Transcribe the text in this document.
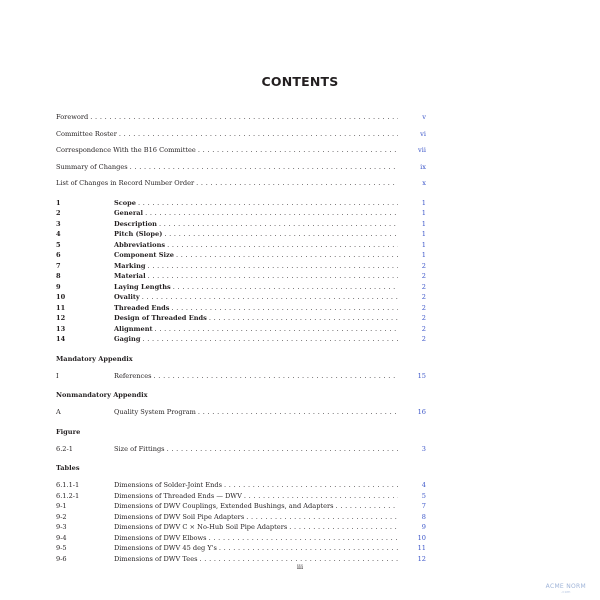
CONTENTS
Foreword . . .	v
Committee Roster . . .	vi
Correspondence With the B16 Committee . . .	vii
Summary of Changes . . .	ix
List of Changes in Record Number Order . . .	x
1	Scope . . .	1
2	General . . .	1
3	Description . . .	1
4	Pitch (Slope) . . .	1
5	Abbreviations . . .	1
6	Component Size . . .	1
7	Marking . . .	2
8	Material . . .	2
9	Laying Lengths . . .	2
10	Ovality . . .	2
11	Threaded Ends . . .	2
12	Design of Threaded Ends . . .	2
13	Alignment . . .	2
14	Gaging . . .	2
Mandatory Appendix
I	References . . .	15
Nonmandatory Appendix
A	Quality System Program . . .	16
Figure
6.2-1	Size of Fittings . . .	3
Tables
6.1.1-1	Dimensions of Solder-Joint Ends . . .	4
6.1.2-1	Dimensions of Threaded Ends — DWV . . .	5
9-1	Dimensions of DWV Couplings, Extended Bushings, and Adapters . . .	7
9-2	Dimensions of DWV Soil Pipe Adapters . . .	8
9-3	Dimensions of DWV C × No-Hub Soil Pipe Adapters . . .	9
9-4	Dimensions of DWV Elbows . . .	10
9-5	Dimensions of DWV 45 deg Y's . . .	11
9-6	Dimensions of DWV Tees . . .	12
iii
ACME NORM
.com
